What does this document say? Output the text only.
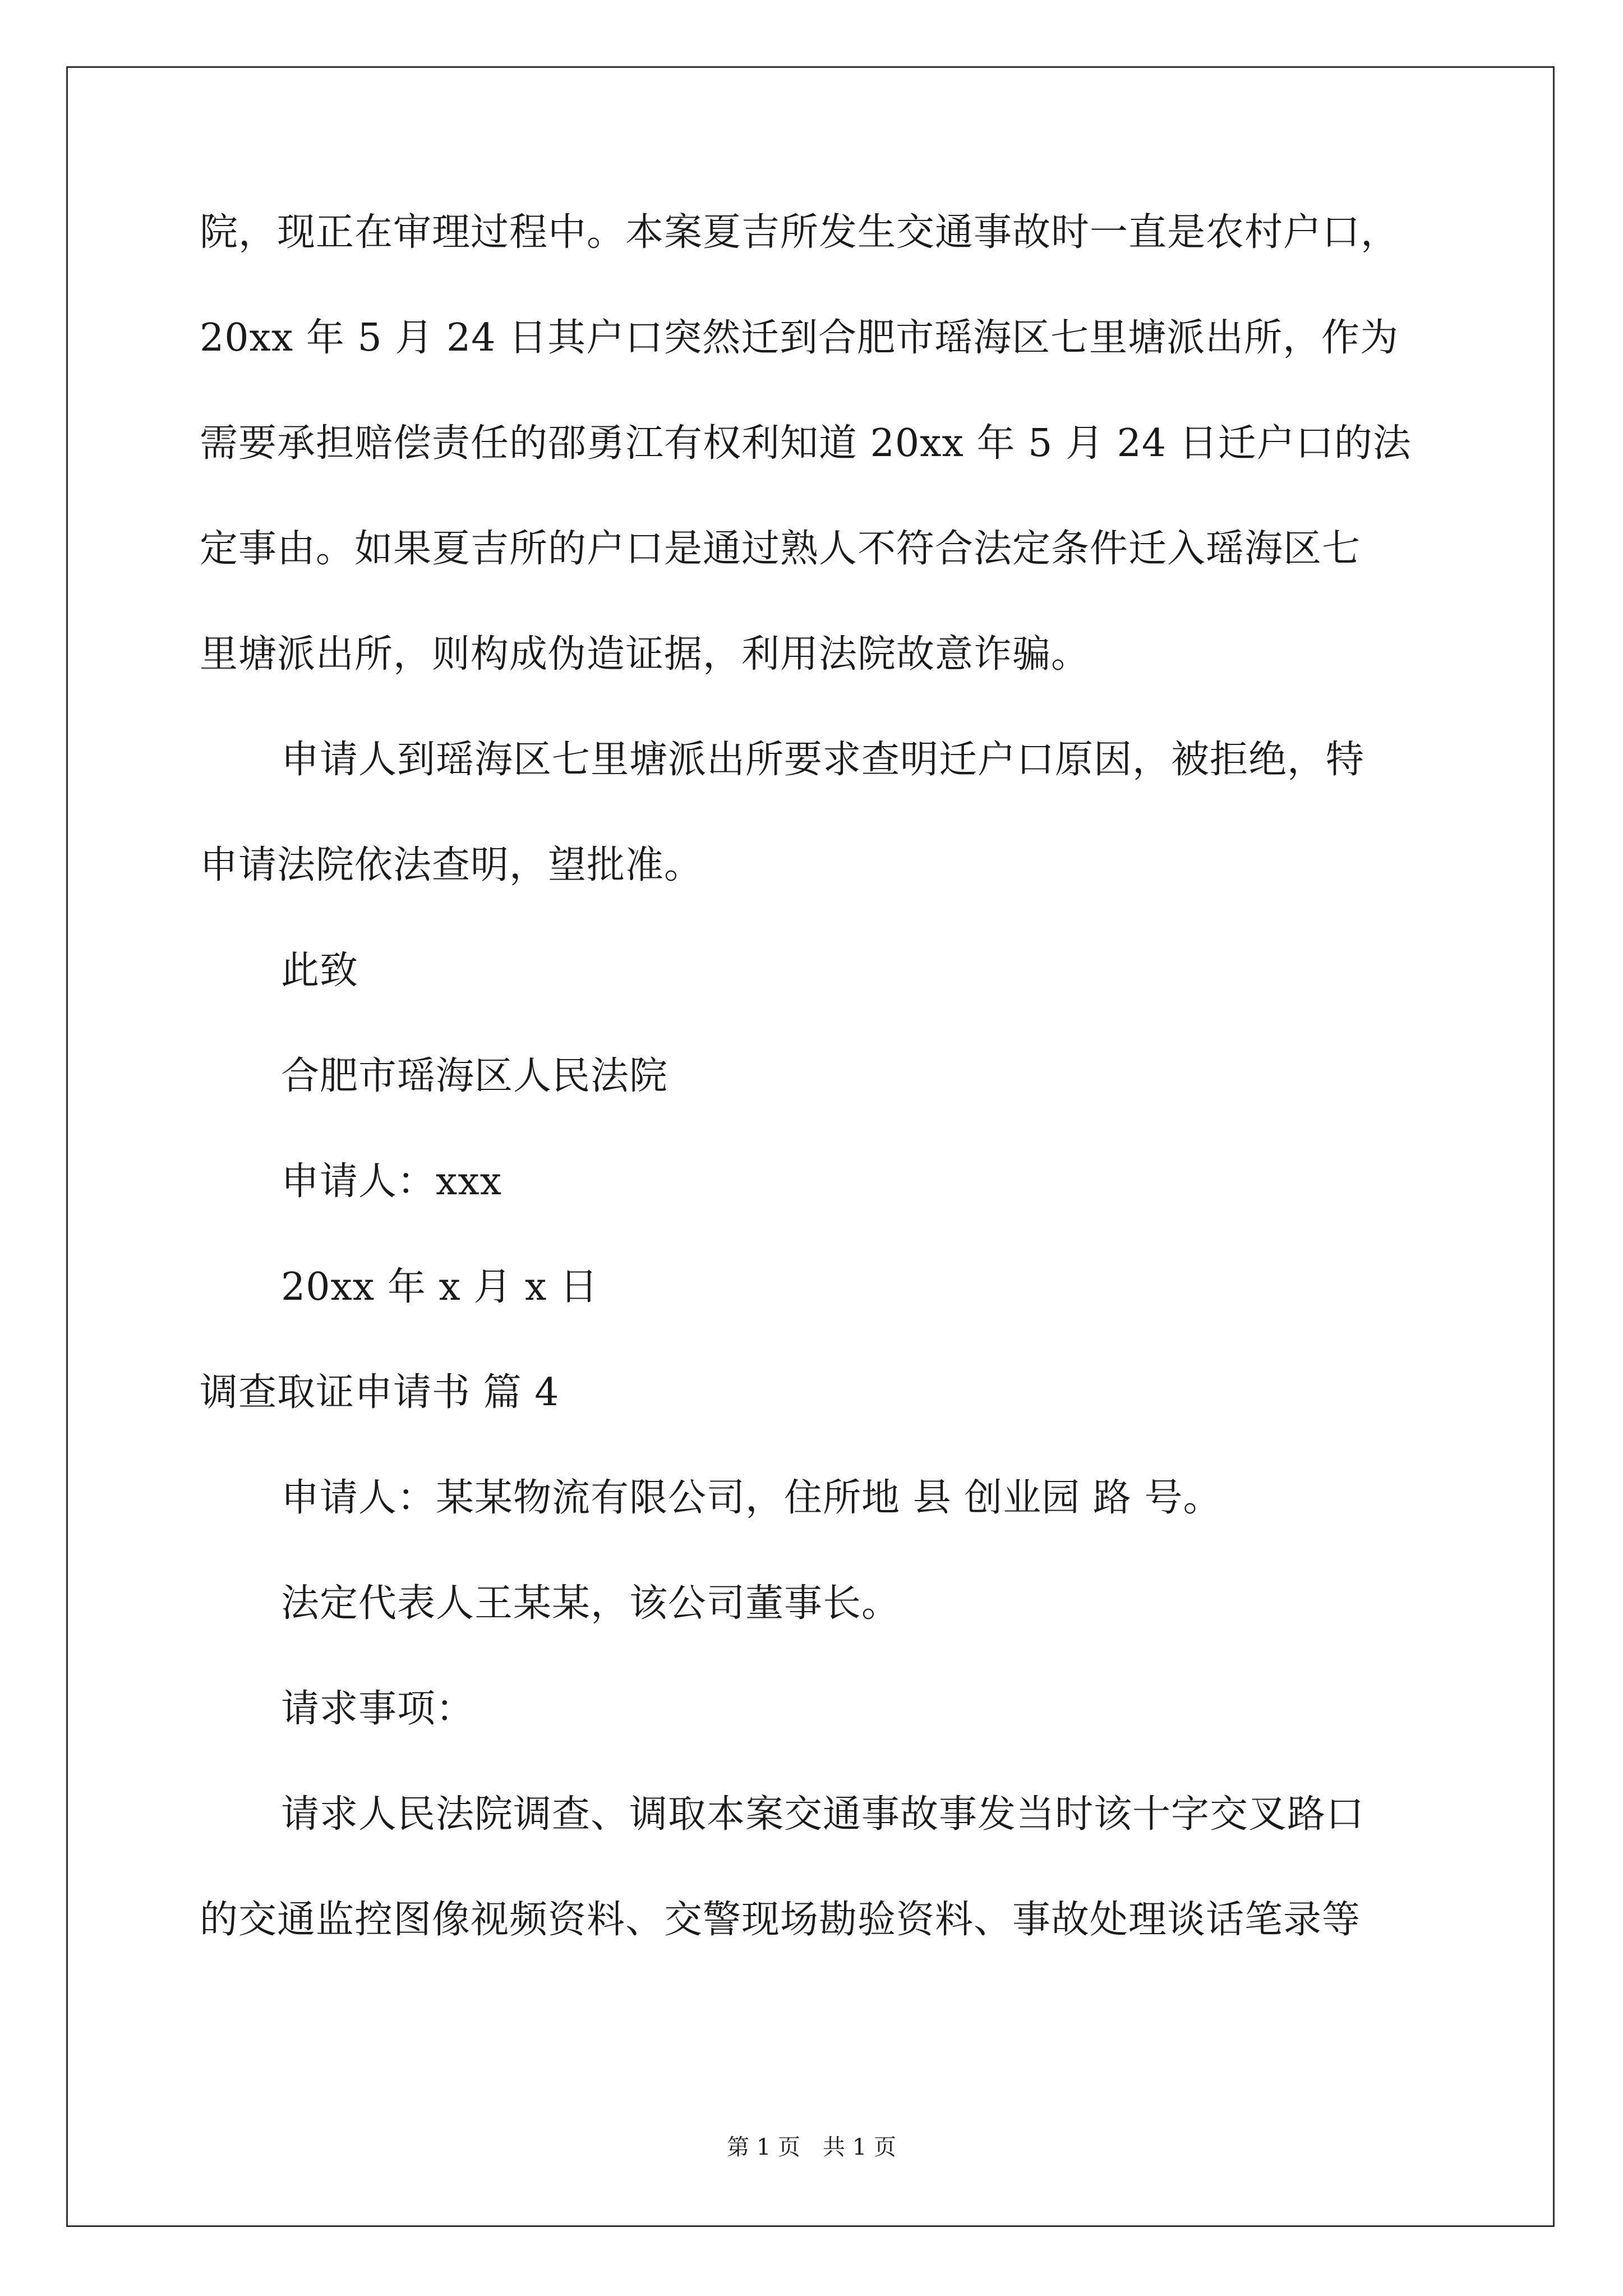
院，现正在审理过程中。本案夏吉所发生交通事故时一直是农村户口，
20xx 年 5 月 24 日其户口突然迁到合肥市瑶海区七里塘派出所，作为
需要承担赔偿责任的邵勇江有权利知道 20xx 年 5 月 24 日迁户口的法
定事由。如果夏吉所的户口是通过熟人不符合法定条件迁入瑶海区七
里塘派出所，则构成伪造证据，利用法院故意诈骗。
申请人到瑶海区七里塘派出所要求查明迁户口原因，被拒绝，特
申请法院依法查明，望批准。
此致
合肥市瑶海区人民法院
申请人：xxx
20xx 年 x 月 x 日
调查取证申请书 篇 4
申请人：某某物流有限公司，住所地 县 创业园 路 号。
法定代表人王某某，该公司董事长。
请求事项：
请求人民法院调查、调取本案交通事故事发当时该十字交叉路口
的交通监控图像视频资料、交警现场勘验资料、事故处理谈话笔录等
第 1 页　共 1 页
